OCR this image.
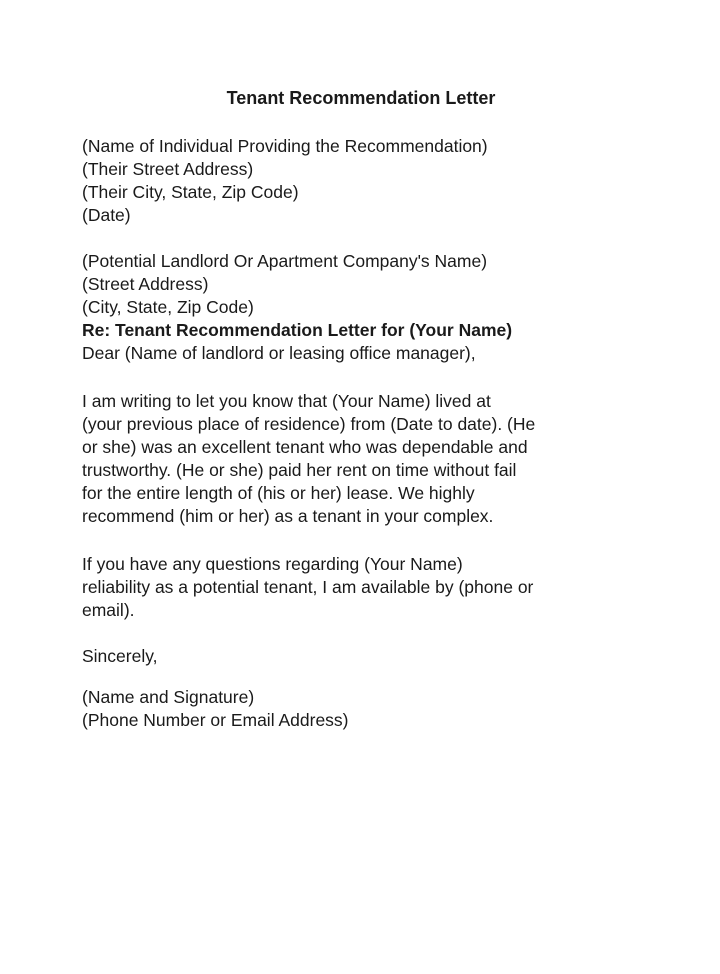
Tenant Recommendation Letter
(Name of Individual Providing the Recommendation)
(Their Street Address)
(Their City, State, Zip Code)
(Date)
(Potential Landlord Or Apartment Company's Name)
(Street Address)
(City, State, Zip Code)
Re: Tenant Recommendation Letter for (Your Name)
Dear (Name of landlord or leasing office manager),
I am writing to let you know that (Your Name) lived at
(your previous place of residence) from (Date to date). (He
or she) was an excellent tenant who was dependable and
trustworthy. (He or she) paid her rent on time without fail
for the entire length of (his or her) lease. We highly
recommend (him or her) as a tenant in your complex.
If you have any questions regarding (Your Name)
reliability as a potential tenant, I am available by (phone or
email).
Sincerely,
(Name and Signature)
(Phone Number or Email Address)
